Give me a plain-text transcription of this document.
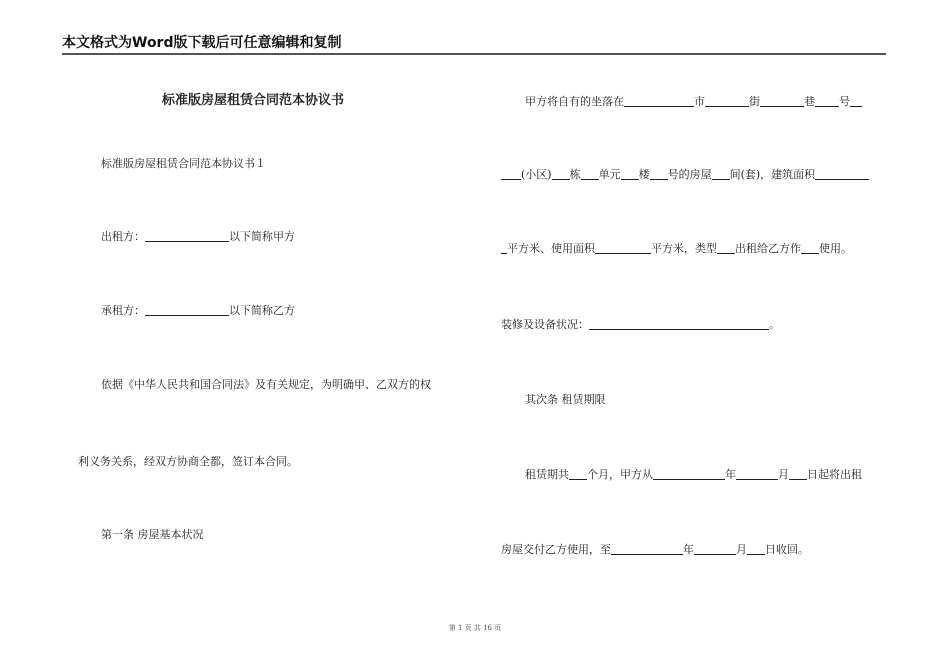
本文格式为Word版下载后可任意编辑和复制
标准版房屋租赁合同范本协议书
标准版房屋租赁合同范本协议书１
出租方：	以下简称甲方
承租方：	以下简称乙方
依据《中华人民共和国合同法》及有关规定，为明确甲、乙双方的权
利义务关系，经双方协商全都，签订本合同。
第一条 房屋基本状况
甲方将自有的坐落在	市	街	巷 号
(小区) 栋 单元 楼 号的房屋 间(套)，建筑面积
平方米、使用面积	平方米，类型 出租给乙方作 使用。
装修及设备状况：	。
其次条 租赁期限
租赁期共 个月，甲方从	年	月 日起将出租
房屋交付乙方使用，至	年	月 日收回。
第 1 页 共 16 页
